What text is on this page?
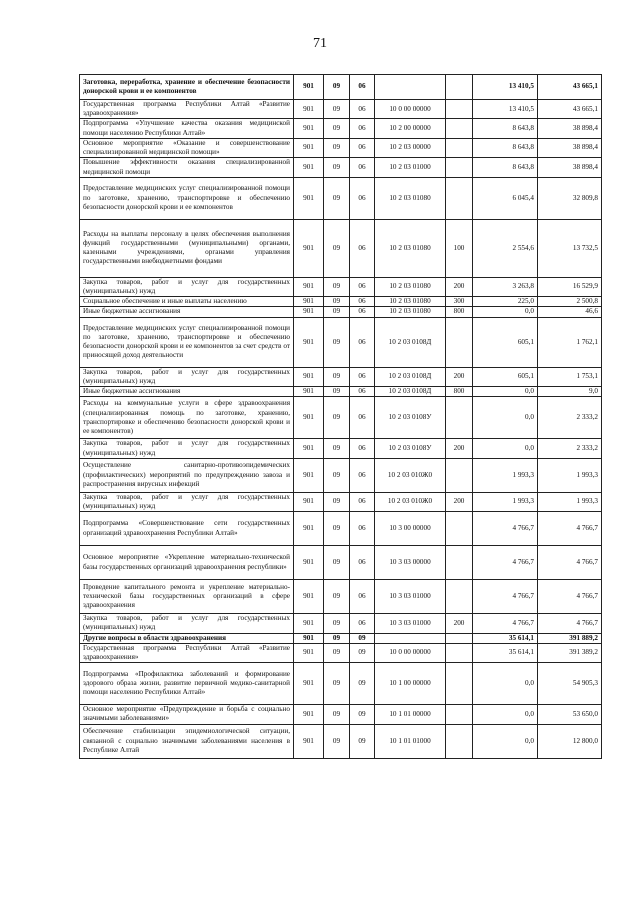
71
Заготовка, переработка, хранение и обеспечение безопасности донорской крови и ее компонентов	901	09	06			13 410,5	43 665,1
Государственная программа Республики Алтай «Развитие здравоохранения»	901	09	06	10 0 00 00000		13 410,5	43 665,1
Подпрограмма «Улучшение качества оказания медицинской помощи населению Республики Алтай»	901	09	06	10 2 00 00000		8 643,8	38 898,4
Основное мероприятие «Оказание и совершенствование специализированной медицинской помощи»	901	09	06	10 2 03 00000		8 643,8	38 898,4
Повышение эффективности оказания специализированной медицинской помощи	901	09	06	10 2 03 01000		8 643,8	38 898,4
Предоставление медицинских услуг специализированной помощи по заготовке, хранению, транспортировке и обеспечению безопасности донорской крови и ее компонентов	901	09	06	10 2 03 01080		6 045,4	32 809,8
Расходы на выплаты персоналу в целях обеспечения выполнения функций государственными (муниципальными) органами, казенными учреждениями, органами управления государственными внебюджетными фондами	901	09	06	10 2 03 01080	100	2 554,6	13 732,5
Закупка товаров, работ и услуг для государственных (муниципальных) нужд	901	09	06	10 2 03 01080	200	3 263,8	16 529,9
Социальное обеспечение и иные выплаты населению	901	09	06	10 2 03 01080	300	225,0	2 500,8
Иные бюджетные ассигнования	901	09	06	10 2 03 01080	800	0,0	46,6
Предоставление медицинских услуг специализированной помощи по заготовке, хранению, транспортировке и обеспечению безопасности донорской крови и ее компонентов за счет средств от приносящей доход деятельности	901	09	06	10 2 03 0108Д		605,1	1 762,1
Закупка товаров, работ и услуг для государственных (муниципальных) нужд	901	09	06	10 2 03 0108Д	200	605,1	1 753,1
Иные бюджетные ассигнования	901	09	06	10 2 03 0108Д	800	0,0	9,0
Расходы на коммунальные услуги в сфере здравоохранения (специализированная помощь по заготовке, хранению, транспортировке и обеспечению безопасности донорской крови и ее компонентов)	901	09	06	10 2 03 0108У		0,0	2 333,2
Закупка товаров, работ и услуг для государственных (муниципальных) нужд	901	09	06	10 2 03 0108У	200	0,0	2 333,2
Осуществление санитарно-противоэпидемических (профилактических) мероприятий по предупреждению завоза и распространения вирусных инфекций	901	09	06	10 2 03 010Ж0		1 993,3	1 993,3
Закупка товаров, работ и услуг для государственных (муниципальных) нужд	901	09	06	10 2 03 010Ж0	200	1 993,3	1 993,3
Подпрограмма «Совершенствование сети государственных организаций здравоохранения Республики Алтай»	901	09	06	10 3 00 00000		4 766,7	4 766,7
Основное мероприятие «Укрепление материально-технической базы государственных организаций здравоохранения республики»	901	09	06	10 3 03 00000		4 766,7	4 766,7
Проведение капитального ремонта и укрепление материально-технической базы государственных организаций в сфере здравоохранения	901	09	06	10 3 03 01000		4 766,7	4 766,7
Закупка товаров, работ и услуг для государственных (муниципальных) нужд	901	09	06	10 3 03 01000	200	4 766,7	4 766,7
Другие вопросы в области здравоохранения	901	09	09			35 614,1	391 889,2
Государственная программа Республики Алтай «Развитие здравоохранения»	901	09	09	10 0 00 00000		35 614,1	391 389,2
Подпрограмма «Профилактика заболеваний и формирование здорового образа жизни, развитие первичной медико-санитарной помощи населению Республики Алтай»	901	09	09	10 1 00 00000		0,0	54 905,3
Основное мероприятие «Предупреждение и борьба с социально значимыми заболеваниями»	901	09	09	10 1 01 00000		0,0	53 650,0
Обеспечение стабилизации эпидемиологической ситуации, связанной с социально значимыми заболеваниями населения в Республике Алтай	901	09	09	10 1 01 01000		0,0	12 800,0
